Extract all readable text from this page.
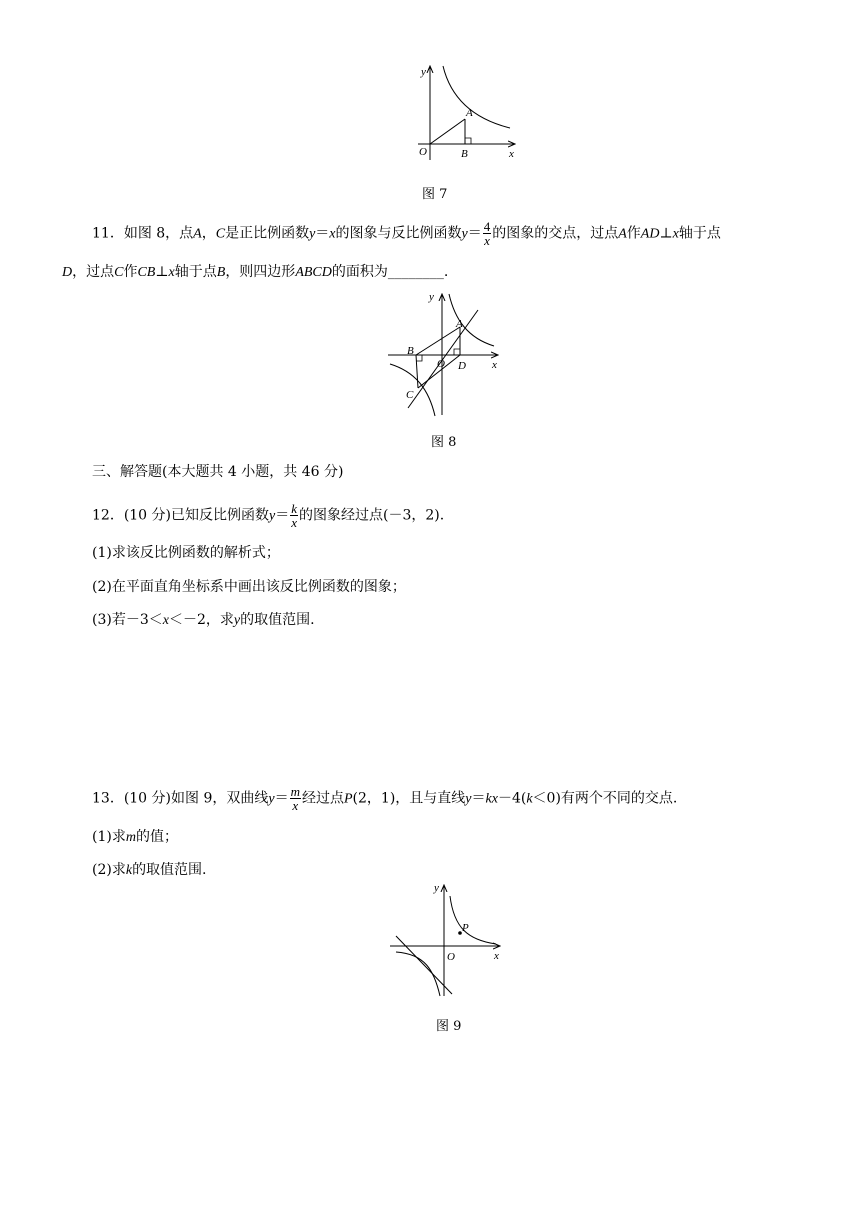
y
x
O
A
B
图 7
11．如图 8，点A，C是正比例函数y＝x的图象与反比例函数$y= \frac{4}{x}$ 的图象的交点，过点A作AD⊥x轴于点
D，过点C作CB⊥x轴于点B，则四边形ABCD的面积为________.
y
x
O
A
B
C
D
图 8
三、解答题(本大题共 4 小题，共 46 分)
12．(10 分)已知反比例函数$y= \frac{k}{x}$ 的图象经过点(－3，2).
(1)求该反比例函数的解析式；
(2)在平面直角坐标系中画出该反比例函数的图象；
(3)若－3＜x＜－2，求y的取值范围.
13．(10 分)如图 9，双曲线$y= \frac{m}{x}$ 经过点P(2，1)，且与直线y＝kx－4(k＜0)有两个不同的交点.
(1)求m的值；
(2)求k的取值范围.
y
x
O
P
图 9
